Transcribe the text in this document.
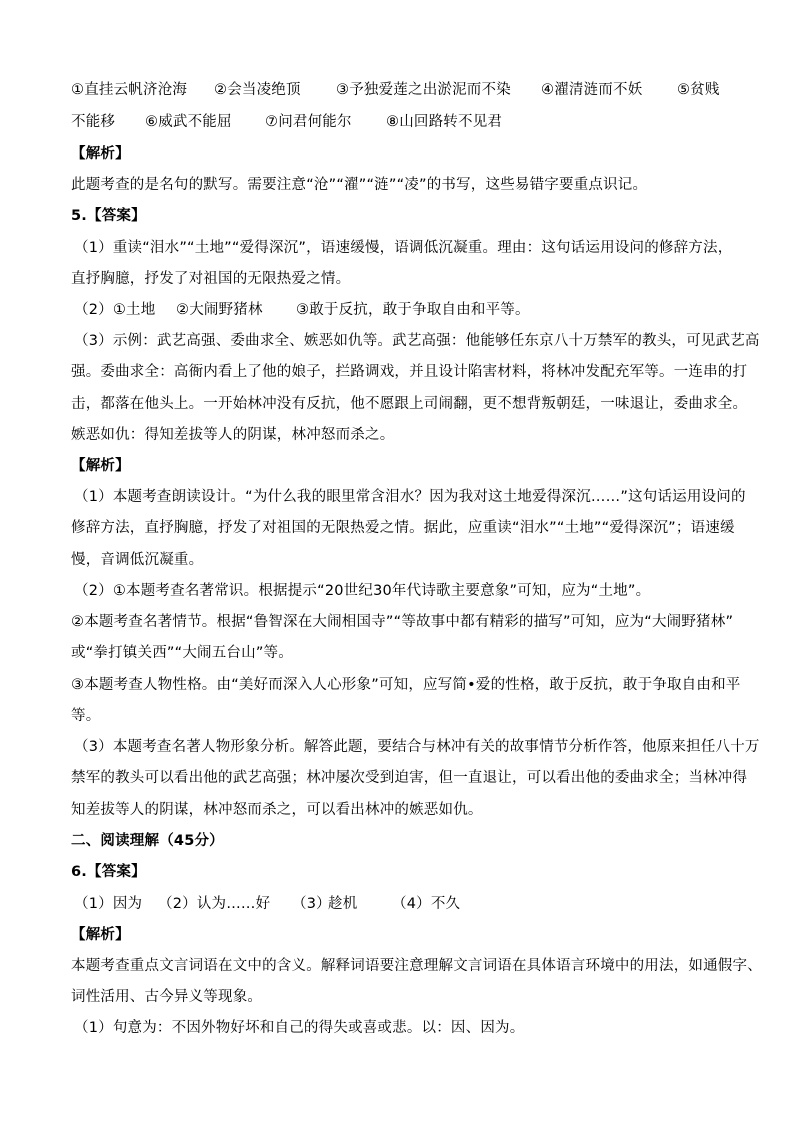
①直挂云帆济沧海 ②会当凌绝顶 ③予独爱莲之出淤泥而不染 ④濯清涟而不妖 ⑤贫贱
不能移 ⑥威武不能屈 ⑦问君何能尔 ⑧山回路转不见君
【解析】
此题考查的是名句的默写。需要注意“沧”“濯”“涟”“凌”的书写，这些易错字要重点识记。
5.【答案】
（1）重读“泪水”“土地”“爱得深沉”，语速缓慢，语调低沉凝重。理由：这句话运用设问的修辞方法，
直抒胸臆，抒发了对祖国的无限热爱之情。
（2）①土地 ②大闹野猪林 ③敢于反抗，敢于争取自由和平等。
（3）示例：武艺高强、委曲求全、嫉恶如仇等。武艺高强：他能够任东京八十万禁军的教头，可见武艺高
强。委曲求全：高衙内看上了他的娘子，拦路调戏，并且设计陷害材料，将林冲发配充军等。一连串的打
击，都落在他头上。一开始林冲没有反抗，他不愿跟上司闹翻，更不想背叛朝廷，一味退让，委曲求全。
嫉恶如仇：得知差拔等人的阴谋，林冲怒而杀之。
【解析】
（1）本题考查朗读设计。“为什么我的眼里常含泪水？因为我对这土地爱得深沉……”这句话运用设问的
修辞方法，直抒胸臆，抒发了对祖国的无限热爱之情。据此，应重读“泪水”“土地”“爱得深沉”；语速缓
慢，音调低沉凝重。
（2）①本题考查名著常识。根据提示“20世纪30年代诗歌主要意象”可知，应为“土地”。
②本题考查名著情节。根据“鲁智深在大闹相国寺”“等故事中都有精彩的描写”可知，应为“大闹野猪林”
或“拳打镇关西”“大闹五台山”等。
③本题考查人物性格。由“美好而深入人心形象”可知，应写简•爱的性格，敢于反抗，敢于争取自由和平
等。
（3）本题考查名著人物形象分析。解答此题，要结合与林冲有关的故事情节分析作答，他原来担任八十万
禁军的教头可以看出他的武艺高强；林冲屡次受到迫害，但一直退让，可以看出他的委曲求全；当林冲得
知差拔等人的阴谋，林冲怒而杀之，可以看出林冲的嫉恶如仇。
二、阅读理解（45分）
6.【答案】
（1）因为 （2）认为……好 （3）趁机 （4）不久
【解析】
本题考查重点文言词语在文中的含义。解释词语要注意理解文言词语在具体语言环境中的用法，如通假字、
词性活用、古今异义等现象。
（1）句意为：不因外物好坏和自己的得失或喜或悲。以：因、因为。
